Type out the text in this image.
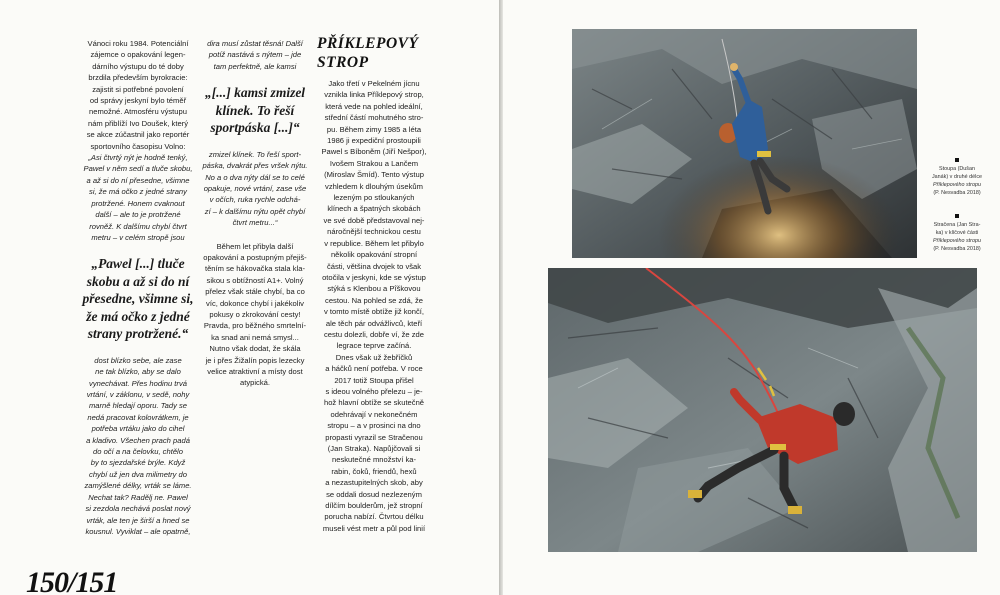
Vánoci roku 1984. Potenciální

zájemce o opakování legen-

dárního výstupu do té doby

brzdila především byrokracie:

zajistit si potřebné povolení

od správy jeskyní bylo téměř

nemožné. Atmosféru výstupu

nám přiblíží Ivo Doušek, který

se akce zúčastnil jako reportér

sportovního časopisu Volno:

„Asi čtvrtý nýt je hodně tenký,

Pawel v něm sedí a tluče skobu,

a až si do ní přesedne, všimne

si, že má očko z jedné strany

protržené. Honem cvaknout

další – ale to je protržené

rovněž. K dalšímu chybí čtvrt

metru – v celém stropě jsou

„Pawel [...] tluče skobu a až si do ní přesedne, všimne si, že má očko z jedné strany protržené.“

dost blízko sebe, ale zase

ne tak blízko, aby se dalo

vynechávat. Přes hodinu trvá

vrtání, v záklonu, v sedě, nohy

marně hledají oporu. Tady se

nedá pracovat kolovrátkem, je

potřeba vrtáku jako do cihel

a kladivo. Všechen prach padá

do očí a na čelovku, chtělo

by to sjezdařské brýle. Když

chybí už jen dva milimetry do

zamýšlené délky, vrták se láme.

Nechat tak? Radělj ne. Pawel

si zezdola nechává poslat nový

vrták, ale ten je širší a hned se

kousnul. Vyviklat – ale opatrně,

dira musí zůstat těsná! Další

potíž nastává s nýtem – jde

tam perfektně, ale kamsi

„[...] kamsi zmizel klínek. To řeší sportpáska [...]“

zmizel klínek. To řeší sport-

páska, dvakrát přes vršek nýtu.

No a o dva nýty dál se to celé

opakuje, nové vrtání, zase vše

v očích, ruka rychle odchá-

zí – k dalšímu nýtu opět chybí

čtvrt metru...“

Během let přibyla další

opakování a postupným přejiš-

těním se hákovačka stala kla-

sikou s obtížností A1+. Volný

přelez však stále chybí, ba co

víc, dokonce chybí i jakékoliv

pokusy o zkrokování cesty!

Pravda, pro běžného smrtelní-

ka snad ani nemá smysl...

Nutno však dodat, že skála

je i přes Žižalín popis lezecky

velice atraktivní a místy dost

atypická.

PŘÍKLEPOVÝ STROP

Jako třetí v Pekelném jícnu

vznikla linka Příklepový strop,

která vede na pohled ideální,

střední částí mohutného stro-

pu. Během zimy 1985 a léta

1986 ji expediční prostoupili

Pawel s Bíboněm (Jiří Nešpor),

Ivošem Strakou a Lančem

(Miroslav Šmíd). Tento výstup

vzhledem k dlouhým úsekům

lezeným po stloukaných

klínech a špatných skobách

ve své době představoval nej-

náročnější technickou cestu

v republice. Během let přibylo

několik opakování stropní

části, většina dvojek to však

otočila v jeskyni, kde se výstup

stýká s Klenbou a Pîškovou

cestou. Na pohled se zdá, že

v tomto místě obtíže již končí,

ale těch pár odvážlivců, kteří

cestu dolezli, dobře ví, že zde

legrace teprve začíná.

Dnes však už žebříčků

a háčků není potřeba. V roce

2017 totiž Stoupa přišel

s ideou volného přelezu – je-

hož hlavní obtíže se skutečně

odehrávají v nekonečném

stropu – a v prosinci na dno

propasti vyrazil se Stračenou

(Jan Straka). Napůjčovali si

neskutečné množství ka-

rabin, čoků, friendů, hexů

a nezastupitelných skob, aby

se oddali dosud nezlezeným

dílčím boulderům, jež stropní

porucha nabízí. Čtvrtou délku

museli vést metr a půl pod linií

150/151
Stoupa (Dušan
Janák) v druhé délce
Příklepového stropu
(P. Nesvadba 2018)
Stračena (Jan Stra-
ka) v klíčové části
Příklepového stropu
(P. Nesvadba 2018)
